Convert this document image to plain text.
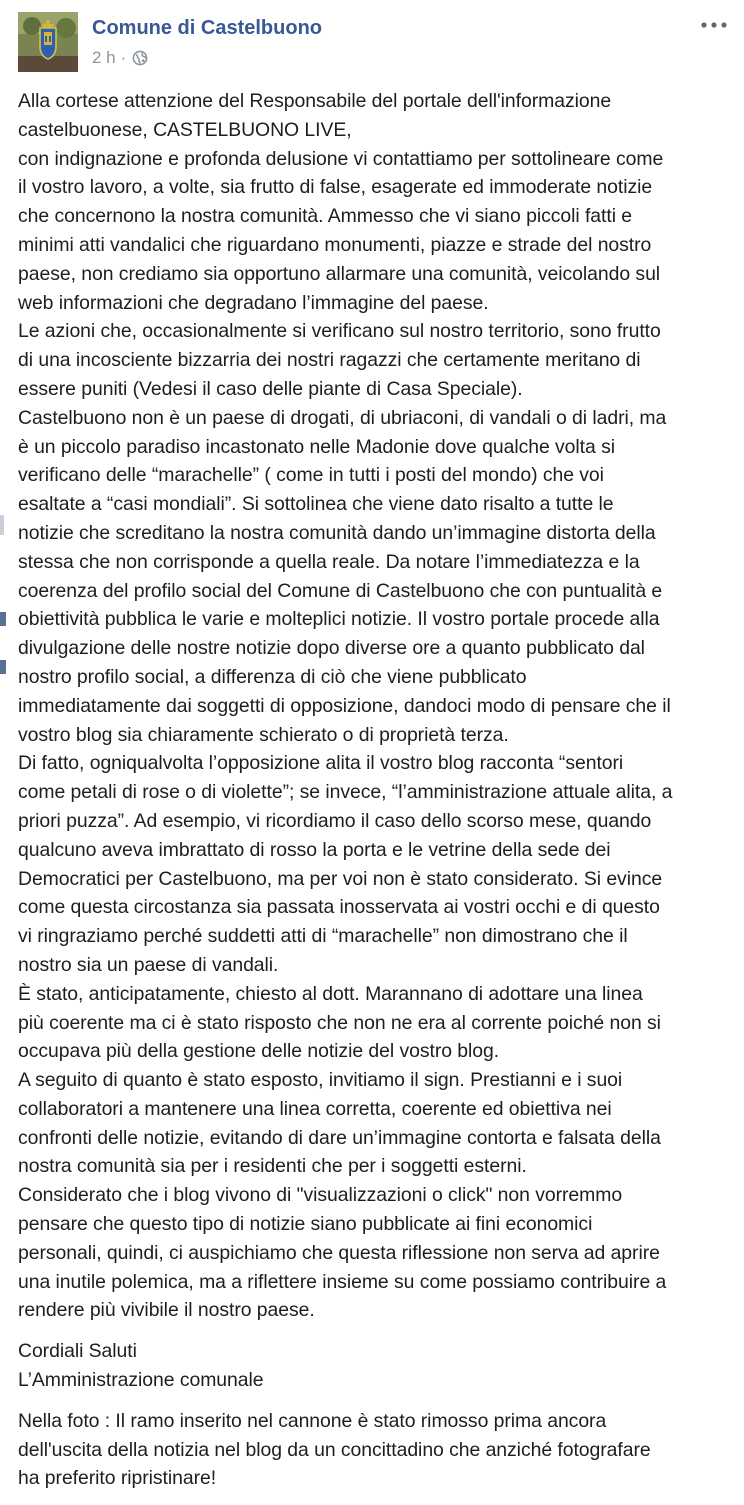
Comune di Castelbuono
2 h ·

Alla cortese attenzione del Responsabile del portale dell'informazione
castelbuonese, CASTELBUONO LIVE,
con indignazione e profonda delusione vi contattiamo per sottolineare come
il vostro lavoro, a volte, sia frutto di false, esagerate ed immoderate notizie
che concernono la nostra comunità. Ammesso che vi siano piccoli fatti e
minimi atti vandalici che riguardano monumenti, piazze e strade del nostro
paese, non crediamo sia opportuno allarmare una comunità, veicolando sul
web informazioni che degradano l’immagine del paese.
Le azioni che, occasionalmente si verificano sul nostro territorio, sono frutto
di una incosciente bizzarria dei nostri ragazzi che certamente meritano di
essere puniti (Vedesi il caso delle piante di Casa Speciale).
Castelbuono non è un paese di drogati, di ubriaconi, di vandali o di ladri, ma
è un piccolo paradiso incastonato nelle Madonie dove qualche volta si
verificano delle “marachelle” ( come in tutti i posti del mondo) che voi
esaltate a “casi mondiali”. Si sottolinea che viene dato risalto a tutte le
notizie che screditano la nostra comunità dando un’immagine distorta della
stessa che non corrisponde a quella reale. Da notare l’immediatezza e la
coerenza del profilo social del Comune di Castelbuono che con puntualità e
obiettività pubblica le varie e molteplici notizie. Il vostro portale procede alla
divulgazione delle nostre notizie dopo diverse ore a quanto pubblicato dal
nostro profilo social, a differenza di ciò che viene pubblicato
immediatamente dai soggetti di opposizione, dandoci modo di pensare che il
vostro blog sia chiaramente schierato o di proprietà terza.
Di fatto, ogniqualvolta l’opposizione alita il vostro blog racconta “sentori
come petali di rose o di violette”; se invece, “l’amministrazione attuale alita, a
priori puzza”. Ad esempio, vi ricordiamo il caso dello scorso mese, quando
qualcuno aveva imbrattato di rosso la porta e le vetrine della sede dei
Democratici per Castelbuono, ma per voi non è stato considerato. Si evince
come questa circostanza sia passata inosservata ai vostri occhi e di questo
vi ringraziamo perché suddetti atti di “marachelle” non dimostrano che il
nostro sia un paese di vandali.
È stato, anticipatamente, chiesto al dott. Marannano di adottare una linea
più coerente ma ci è stato risposto che non ne era al corrente poiché non si
occupava più della gestione delle notizie del vostro blog.
A seguito di quanto è stato esposto, invitiamo il sign. Prestianni e i suoi
collaboratori a mantenere una linea corretta, coerente ed obiettiva nei
confronti delle notizie, evitando di dare un’immagine contorta e falsata della
nostra comunità sia per i residenti che per i soggetti esterni.
Considerato che i blog vivono di "visualizzazioni o click" non vorremmo
pensare che questo tipo di notizie siano pubblicate ai fini economici
personali, quindi, ci auspichiamo che questa riflessione non serva ad aprire
una inutile polemica, ma a riflettere insieme su come possiamo contribuire a
rendere più vivibile il nostro paese.

Cordiali Saluti
L’Amministrazione comunale

Nella foto : Il ramo inserito nel cannone è stato rimosso prima ancora
dell'uscita della notizia nel blog da un concittadino che anziché fotografare
ha preferito ripristinare!
